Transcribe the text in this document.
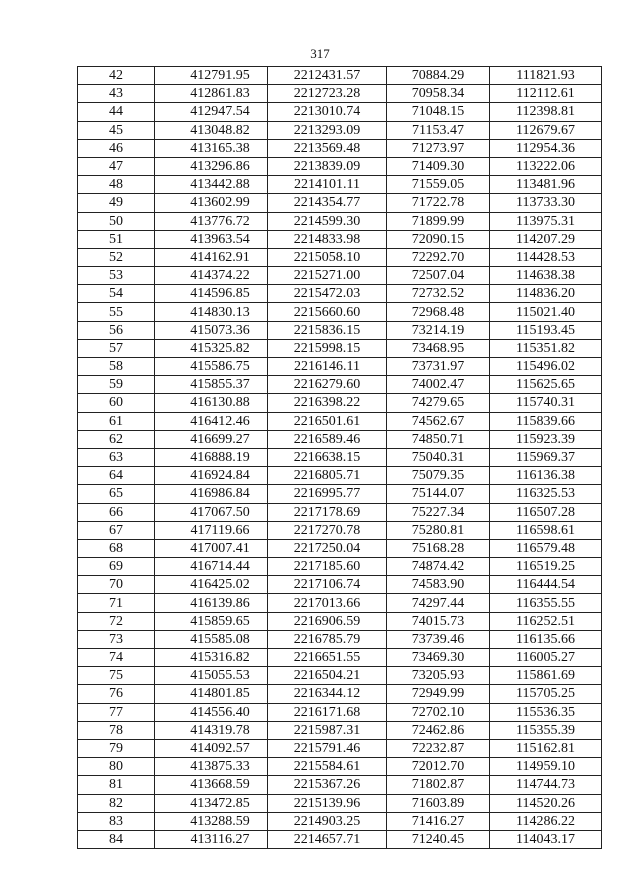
317
42	412791.95	2212431.57	70884.29	111821.93
43	412861.83	2212723.28	70958.34	112112.61
44	412947.54	2213010.74	71048.15	112398.81
45	413048.82	2213293.09	71153.47	112679.67
46	413165.38	2213569.48	71273.97	112954.36
47	413296.86	2213839.09	71409.30	113222.06
48	413442.88	2214101.11	71559.05	113481.96
49	413602.99	2214354.77	71722.78	113733.30
50	413776.72	2214599.30	71899.99	113975.31
51	413963.54	2214833.98	72090.15	114207.29
52	414162.91	2215058.10	72292.70	114428.53
53	414374.22	2215271.00	72507.04	114638.38
54	414596.85	2215472.03	72732.52	114836.20
55	414830.13	2215660.60	72968.48	115021.40
56	415073.36	2215836.15	73214.19	115193.45
57	415325.82	2215998.15	73468.95	115351.82
58	415586.75	2216146.11	73731.97	115496.02
59	415855.37	2216279.60	74002.47	115625.65
60	416130.88	2216398.22	74279.65	115740.31
61	416412.46	2216501.61	74562.67	115839.66
62	416699.27	2216589.46	74850.71	115923.39
63	416888.19	2216638.15	75040.31	115969.37
64	416924.84	2216805.71	75079.35	116136.38
65	416986.84	2216995.77	75144.07	116325.53
66	417067.50	2217178.69	75227.34	116507.28
67	417119.66	2217270.78	75280.81	116598.61
68	417007.41	2217250.04	75168.28	116579.48
69	416714.44	2217185.60	74874.42	116519.25
70	416425.02	2217106.74	74583.90	116444.54
71	416139.86	2217013.66	74297.44	116355.55
72	415859.65	2216906.59	74015.73	116252.51
73	415585.08	2216785.79	73739.46	116135.66
74	415316.82	2216651.55	73469.30	116005.27
75	415055.53	2216504.21	73205.93	115861.69
76	414801.85	2216344.12	72949.99	115705.25
77	414556.40	2216171.68	72702.10	115536.35
78	414319.78	2215987.31	72462.86	115355.39
79	414092.57	2215791.46	72232.87	115162.81
80	413875.33	2215584.61	72012.70	114959.10
81	413668.59	2215367.26	71802.87	114744.73
82	413472.85	2215139.96	71603.89	114520.26
83	413288.59	2214903.25	71416.27	114286.22
84	413116.27	2214657.71	71240.45	114043.17
